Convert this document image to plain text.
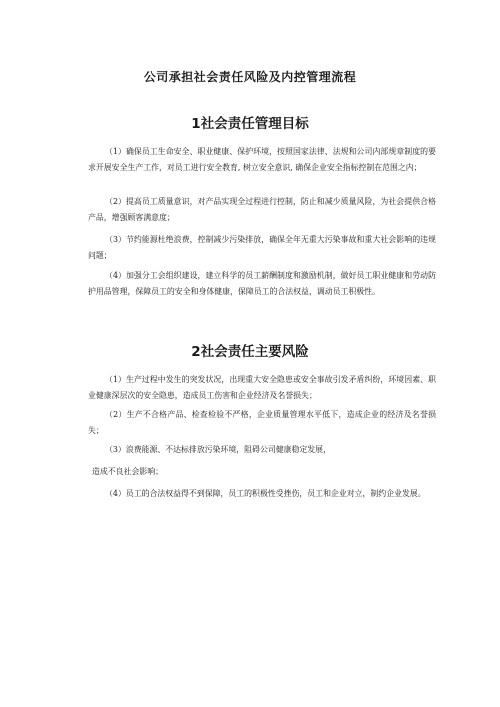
公司承担社会责任风险及内控管理流程
1社会责任管理目标

（1）确保员工生命安全、职业健康、保护环境，按照国家法律、法规和公司内部规章制度的要求开展安全生产工作，对员工进行安全教育, 树立安全意识, 确保企业安全指标控制在范围之内；

（2）提高员工质量意识，对产品实现全过程进行控制，防止和减少质量风险，为社会提供合格产品，增强顾客满意度；

（3）节约能源杜绝浪费，控制减少污染排放，确保全年无重大污染事故和重大社会影响的违规问题；

（4）加强分工会组织建设，建立科学的员工薪酬制度和激励机制，做好员工职业健康和劳动防护用品管理，保障员工的安全和身体健康，保障员工的合法权益，调动员工积极性。

2社会责任主要风险

（1）生产过程中发生的突发状况，出现重大安全隐患或安全事故引发矛盾纠纷，环境因素、职业健康深层次的安全隐患，造成员工伤害和企业经济及名誉损失；

（2）生产不合格产品、检查检验不严格，企业质量管理水平低下，造成企业的经济及名誉损失；

（3）浪费能源、不达标排放污染环境，阻碍公司健康稳定发展，

造成不良社会影响；

（4）员工的合法权益得不到保障，员工的积极性受挫伤，员工和企业对立，制约企业发展。
